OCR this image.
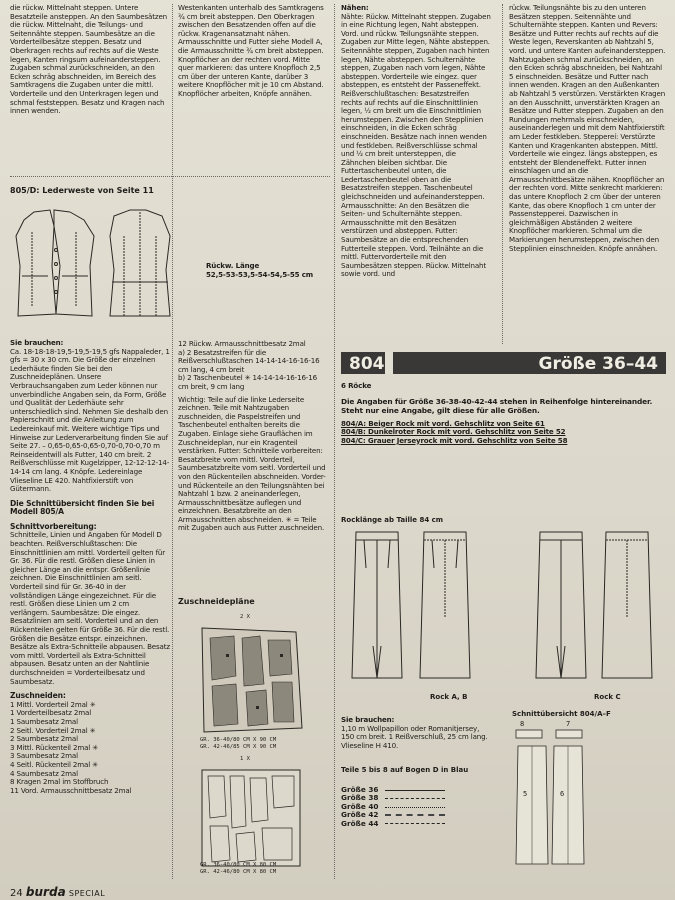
die rückw. Mittelnaht steppen. Untere Besatzteile ansteppen. An den Saumbesätzen die rückw. Mittelnaht, die Teilungs- und Seitennähte steppen. Saumbesätze an die Vorderteilbesätze steppen. Besatz und Oberkragen rechts auf rechts auf die Weste legen, Kanten ringsum aufeinandersteppen. Zugaben schmal zurückschneiden, an den Ecken schräg abschneiden, im Bereich des Samtkragens die Zugaben unter die mittl. Vorderteile und den Unterkragen legen und schmal feststeppen. Besatz und Kragen nach innen wenden.

805/D: Lederweste von Seite 11

Sie brauchen:

Ca. 18-18-18-19,5-19,5-19,5 gfs Nappaleder, 1 gfs = 30 x 30 cm. Die Größe der einzelnen Lederhäute finden Sie bei den Zuschneideplänen. Unsere Verbrauchsangaben zum Leder können nur unverbindliche Angaben sein, da Form, Größe und Qualität der Lederhäute sehr unterschiedlich sind. Nehmen Sie deshalb den Papierschnitt und die Anleitung zum Ledereinkauf mit. Weitere wichtige Tips und Hinweise zur Lederverarbeitung finden Sie auf Seite 27. – 0,65-0,65-0,65-0,70-0,70-0,70 m Reinseidentwill als Futter, 140 cm breit. 2 Reißverschlüsse mit Kugelzipper, 12-12-12-14-14-14 cm lang. 4 Knöpfe. Ledereinlage Vlieseline LE 420. Nahtfixierstift von Gütermann.

Die Schnittübersicht finden Sie bei Modell 805/A

Schnittvorbereitung:

Schnitteile, Linien und Angaben für Modell D beachten. Reißverschlußtaschen: Die Einschnittlinien am mittl. Vorderteil gelten für Gr. 36. Für die restl. Größen diese Linien in gleicher Länge an die entspr. Größenlinie zeichnen. Die Einschnittlinien am seitl. Vorderteil sind für Gr. 36-40 in der vollständigen Länge eingezeichnet. Für die restl. Größen diese Linien um 2 cm verlängern. Saumbesätze: Die eingez. Besatzlinien am seitl. Vorderteil und an den Rückenteilen gelten für Größe 36. Für die restl. Größen die Besätze entspr. einzeichnen. Besätze als Extra-Schnitteile abpausen. Besatz vom mittl. Vorderteil als Extra-Schnitteil abpausen. Besatz unten an der Nahtlinie durchschneiden = Vorderteilbesatz und Saumbesatz.

Zuschneiden:

1 Mittl. Vorderteil 2mal ✳

1 Vorderteilbesatz 2mal

1 Saumbesatz 2mal

2 Seitl. Vorderteil 2mal ✳

2 Saumbesatz 2mal

3 Mittl. Rückenteil 2mal ✳

3 Saumbesatz 2mal

4 Seitl. Rückenteil 2mal ✳

4 Saumbesatz 2mal

8 Kragen 2mal im Stoffbruch

11 Vord. Armausschnittbesatz 2mal

Westenkanten unterhalb des Samtkragens ¾ cm breit absteppen. Den Oberkragen zwischen den Besatzenden offen auf die rückw. Kragenansatznaht nähen. Armausschnitte und Futter siehe Modell A, die Armausschnitte ¾ cm breit absteppen. Knopflöcher an der rechten vord. Mitte quer markieren: das untere Knopfloch 2,5 cm über der unteren Kante, darüber 3 weitere Knopflöcher mit je 10 cm Abstand. Knopflöcher arbeiten, Knöpfe annähen.

Rückw. Länge

52,5-53-53,5-54-54,5-55 cm

12 Rückw. Armausschnittbesatz 2mal

a) 2 Besatzstreifen für die Reißverschlußtaschen 14-14-14-16-16-16 cm lang, 4 cm breit

b) 2 Taschenbeutel ✳ 14-14-14-16-16-16 cm breit, 9 cm lang

Wichtig: Teile auf die linke Lederseite zeichnen. Teile mit Nahtzugaben zuschneiden, die Paspelstreifen und Taschenbeutel enthalten bereits die Zugaben. Einlage siehe Grauflächen im Zuschneideplan, nur ein Kragenteil verstärken. Futter: Schnitteile vorbereiten: Besatzbreite vom mittl. Vorderteil, Saumbesatzbreite vom seitl. Vorderteil und von den Rückenteilen abschneiden. Vorder- und Rückenteile an den Teilungsnähten bei Nahtzahl 1 bzw. 2 aneinanderlegen, Armausschnittbesätze auflegen und einzeichnen. Besatzbreite an den Armausschnitten abschneiden. ✳ = Teile mit Zugaben auch aus Futter zuschneiden.

Zuschneidepläne
2 X
GR. 36-40/80 CM X 90 CM
GR. 42-46/85 CM X 90 CM
1 X
GR. 36-40/80 CM X 80 CM
GR. 42-46/80 CM X 80 CM

Nähen:

Nähte: Rückw. Mittelnaht steppen. Zugaben in eine Richtung legen, Naht absteppen. Vord. und rückw. Teilungsnähte steppen. Zugaben zur Mitte legen, Nähte absteppen. Seitennähte steppen, Zugaben nach hinten legen, Nähte absteppen. Schulternähte steppen, Zugaben nach vorn legen, Nähte absteppen. Vorderteile wie eingez. quer absteppen, es entsteht der Passeneffekt. Reißverschlußtaschen: Besatzstreifen rechts auf rechts auf die Einschnittlinien legen, ½ cm breit um die Einschnittlinien herumsteppen. Zwischen den Stepplinien einschneiden, in die Ecken schräg einschneiden. Besätze nach innen wenden und festkleben. Reißverschlüsse schmal und ½ cm breit untersteppen, die Zähnchen bleiben sichtbar. Die Futtertaschenbeutel unten, die Ledertaschenbeutel oben an die Besatzstreifen steppen. Taschenbeutel gleichschneiden und aufeinandersteppen. Armausschnitte: An den Besätzen die Seiten- und Schulternähte steppen. Armausschnitte mit den Besätzen verstürzen und absteppen. Futter: Saumbesätze an die entsprechenden Futterteile steppen. Vord. Teilnähte an die mittl. Futtervorderteile mit den Saumbesätzen steppen. Rückw. Mittelnaht sowie vord. und

rückw. Teilungsnähte bis zu den unteren Besätzen steppen. Seitennähte und Schulternähte steppen. Kanten und Revers: Besätze und Futter rechts auf rechts auf die Weste legen, Reverskanten ab Nahtzahl 5, vord. und untere Kanten aufeinandersteppen. Nahtzugaben schmal zurückschneiden, an den Ecken schräg abschneiden, bei Nahtzahl 5 einschneiden. Besätze und Futter nach innen wenden. Kragen an den Außenkanten ab Nahtzahl 5 verstürzen. Verstärkten Kragen an den Ausschnitt, unverstärkten Kragen an Besätze und Futter steppen. Zugaben an den Rundungen mehrmals einschneiden, auseinanderlegen und mit dem Nahtfixierstift am Leder festkleben. Steppereí: Verstürzte Kanten und Kragenkanten absteppen. Mittl. Vorderteile wie eingez. längs absteppen, es entsteht der Blendeneffekt. Futter innen einschlagen und an die Armausschnittbesätze nähen. Knopflöcher an der rechten vord. Mitte senkrecht markieren: das untere Knopfloch 2 cm über der unteren Kante, das obere Knopfloch 1 cm unter der Passenstepperei. Dazwischen in gleichmäßigen Abständen 2 weitere Knopflöcher markieren. Schmal um die Markierungen herumsteppen, zwischen den Stepplinien einschneiden. Knöpfe annähen.

804	Größe 36–44

6 Röcke

Die Angaben für Größe 36-38-40-42-44 stehen in Reihenfolge hintereinander. Steht nur eine Angabe, gilt diese für alle Größen.

804/A: Beiger Rock mit vord. Gehschlitz von Seite 61

804/B: Dunkelroter Rock mit vord. Gehschlitz von Seite 52

804/C: Grauer Jerseyrock mit vord. Gehschlitz von Seite 58

Rocklänge ab Taille 84 cm
Rock A, B	Rock C

Sie brauchen:

1,10 m Wollpapillon oder Romanitjersey, 150 cm breit. 1 Reißverschluß, 25 cm lang. Vlieseline H 410.

Teile 5 bis 8 auf Bogen D in Blau
Größe 36
Größe 38
Größe 40
Größe 42
Größe 44
Schnittübersicht 804/A–F
8	7
5	6
24 burda SPECIAL
